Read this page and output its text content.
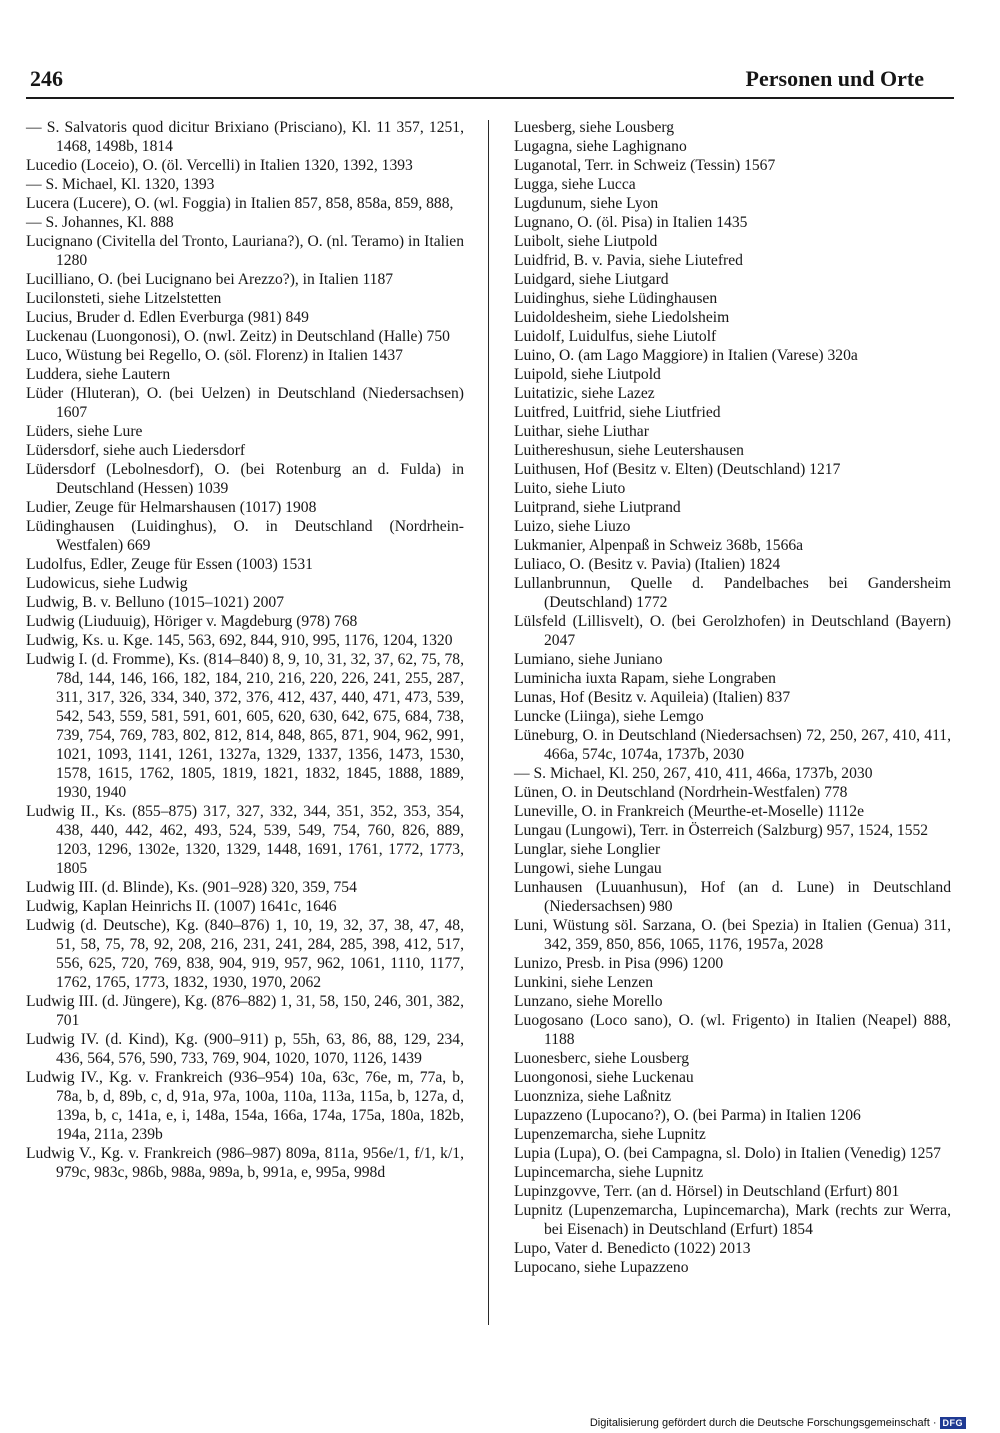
246	Personen und Orte

— S. Salvatoris quod dicitur Brixiano (Prisciano), Kl. 11 357, 1251, 1468, 1498b, 1814

Lucedio (Loceio), O. (öl. Vercelli) in Italien 1320, 1392, 1393

— S. Michael, Kl. 1320, 1393

Lucera (Lucere), O. (wl. Foggia) in Italien 857, 858, 858a, 859, 888,

— S. Johannes, Kl. 888

Lucignano (Civitella del Tronto, Lauriana?), O. (nl. Teramo) in Italien 1280

Lucilliano, O. (bei Lucignano bei Arezzo?), in Italien 1187

Lucilonsteti, siehe Litzelstetten

Lucius, Bruder d. Edlen Everburga (981) 849

Luckenau (Luongonosi), O. (nwl. Zeitz) in Deutschland (Halle) 750

Luco, Wüstung bei Regello, O. (söl. Florenz) in Italien 1437

Luddera, siehe Lautern

Lüder (Hluteran), O. (bei Uelzen) in Deutschland (Niedersachsen) 1607

Lüders, siehe Lure

Lüdersdorf, siehe auch Liedersdorf

Lüdersdorf (Lebolnesdorf), O. (bei Rotenburg an d. Fulda) in Deutschland (Hessen) 1039

Ludier, Zeuge für Helmarshausen (1017) 1908

Lüdinghausen (Luidinghus), O. in Deutschland (Nordrhein-Westfalen) 669

Ludolfus, Edler, Zeuge für Essen (1003) 1531

Ludowicus, siehe Ludwig

Ludwig, B. v. Belluno (1015–1021) 2007

Ludwig (Liuduuig), Höriger v. Magdeburg (978) 768

Ludwig, Ks. u. Kge. 145, 563, 692, 844, 910, 995, 1176, 1204, 1320

Ludwig I. (d. Fromme), Ks. (814–840) 8, 9, 10, 31, 32, 37, 62, 75, 78, 78d, 144, 146, 166, 182, 184, 210, 216, 220, 226, 241, 255, 287, 311, 317, 326, 334, 340, 372, 376, 412, 437, 440, 471, 473, 539, 542, 543, 559, 581, 591, 601, 605, 620, 630, 642, 675, 684, 738, 739, 754, 769, 783, 802, 812, 814, 848, 865, 871, 904, 962, 991, 1021, 1093, 1141, 1261, 1327a, 1329, 1337, 1356, 1473, 1530, 1578, 1615, 1762, 1805, 1819, 1821, 1832, 1845, 1888, 1889, 1930, 1940

Ludwig II., Ks. (855–875) 317, 327, 332, 344, 351, 352, 353, 354, 438, 440, 442, 462, 493, 524, 539, 549, 754, 760, 826, 889, 1203, 1296, 1302e, 1320, 1329, 1448, 1691, 1761, 1772, 1773, 1805

Ludwig III. (d. Blinde), Ks. (901–928) 320, 359, 754

Ludwig, Kaplan Heinrichs II. (1007) 1641c, 1646

Ludwig (d. Deutsche), Kg. (840–876) 1, 10, 19, 32, 37, 38, 47, 48, 51, 58, 75, 78, 92, 208, 216, 231, 241, 284, 285, 398, 412, 517, 556, 625, 720, 769, 838, 904, 919, 957, 962, 1061, 1110, 1177, 1762, 1765, 1773, 1832, 1930, 1970, 2062

Ludwig III. (d. Jüngere), Kg. (876–882) 1, 31, 58, 150, 246, 301, 382, 701

Ludwig IV. (d. Kind), Kg. (900–911) p, 55h, 63, 86, 88, 129, 234, 436, 564, 576, 590, 733, 769, 904, 1020, 1070, 1126, 1439

Ludwig IV., Kg. v. Frankreich (936–954) 10a, 63c, 76e, m, 77a, b, 78a, b, d, 89b, c, d, 91a, 97a, 100a, 110a, 113a, 115a, b, 127a, d, 139a, b, c, 141a, e, i, 148a, 154a, 166a, 174a, 175a, 180a, 182b, 194a, 211a, 239b

Ludwig V., Kg. v. Frankreich (986–987) 809a, 811a, 956e/1, f/1, k/1, 979c, 983c, 986b, 988a, 989a, b, 991a, e, 995a, 998d

Luesberg, siehe Lousberg

Lugagna, siehe Laghignano

Luganotal, Terr. in Schweiz (Tessin) 1567

Lugga, siehe Lucca

Lugdunum, siehe Lyon

Lugnano, O. (öl. Pisa) in Italien 1435

Luibolt, siehe Liutpold

Luidfrid, B. v. Pavia, siehe Liutefred

Luidgard, siehe Liutgard

Luidinghus, siehe Lüdinghausen

Luidoldesheim, siehe Liedolsheim

Luidolf, Luidulfus, siehe Liutolf

Luino, O. (am Lago Maggiore) in Italien (Varese) 320a

Luipold, siehe Liutpold

Luitatizic, siehe Lazez

Luitfred, Luitfrid, siehe Liutfried

Luithar, siehe Liuthar

Luithereshusun, siehe Leutershausen

Luithusen, Hof (Besitz v. Elten) (Deutschland) 1217

Luito, siehe Liuto

Luitprand, siehe Liutprand

Luizo, siehe Liuzo

Lukmanier, Alpenpaß in Schweiz 368b, 1566a

Luliaco, O. (Besitz v. Pavia) (Italien) 1824

Lullanbrunnun, Quelle d. Pandelbaches bei Gandersheim (Deutschland) 1772

Lülsfeld (Lillisvelt), O. (bei Gerolzhofen) in Deutschland (Bayern) 2047

Lumiano, siehe Juniano

Luminicha iuxta Rapam, siehe Longraben

Lunas, Hof (Besitz v. Aquileia) (Italien) 837

Luncke (Liinga), siehe Lemgo

Lüneburg, O. in Deutschland (Niedersachsen) 72, 250, 267, 410, 411, 466a, 574c, 1074a, 1737b, 2030

— S. Michael, Kl. 250, 267, 410, 411, 466a, 1737b, 2030

Lünen, O. in Deutschland (Nordrhein-Westfalen) 778

Luneville, O. in Frankreich (Meurthe-et-Moselle) 1112e

Lungau (Lungowi), Terr. in Österreich (Salzburg) 957, 1524, 1552

Lunglar, siehe Longlier

Lungowi, siehe Lungau

Lunhausen (Luuanhusun), Hof (an d. Lune) in Deutschland (Niedersachsen) 980

Luni, Wüstung söl. Sarzana, O. (bei Spezia) in Italien (Genua) 311, 342, 359, 850, 856, 1065, 1176, 1957a, 2028

Lunizo, Presb. in Pisa (996) 1200

Lunkini, siehe Lenzen

Lunzano, siehe Morello

Luogosano (Loco sano), O. (wl. Frigento) in Italien (Neapel) 888, 1188

Luonesberc, siehe Lousberg

Luongonosi, siehe Luckenau

Luonzniza, siehe Laßnitz

Lupazzeno (Lupocano?), O. (bei Parma) in Italien 1206

Lupenzemarcha, siehe Lupnitz

Lupia (Lupa), O. (bei Campagna, sl. Dolo) in Italien (Venedig) 1257

Lupincemarcha, siehe Lupnitz

Lupinzgovve, Terr. (an d. Hörsel) in Deutschland (Erfurt) 801

Lupnitz (Lupenzemarcha, Lupincemarcha), Mark (rechts zur Werra, bei Eisenach) in Deutschland (Erfurt) 1854

Lupo, Vater d. Benedicto (1022) 2013

Lupocano, siehe Lupazzeno

Digitalisierung gefördert durch die Deutsche Forschungsgemeinschaft · DFG
